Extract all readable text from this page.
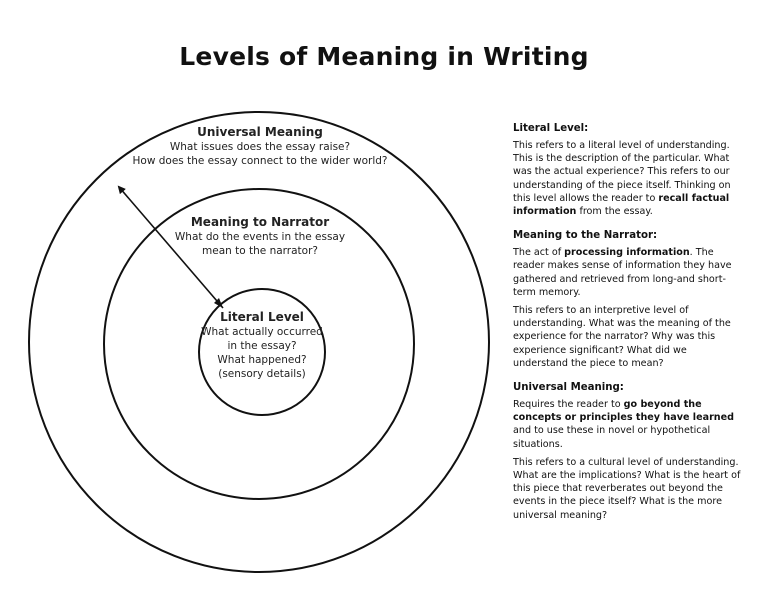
Levels of Meaning in Writing
Universal Meaning
What issues does the essay raise?
How does the essay connect to the wider world?
Meaning to Narrator
What do the events in the essay
mean to the narrator?
Literal Level
What actually occurred
in the essay?
What happened?
(sensory details)
Literal Level:

This refers to a literal level of understanding. This is the description of the particular. What was the actual experience? This refers to our understanding of the piece itself. Thinking on this level allows the reader to recall factual information from the essay.

Meaning to the Narrator:

The act of processing information. The reader makes sense of information they have gathered and retrieved from long-and short-term memory.

This refers to an interpretive level of understanding. What was the meaning of the experience for the narrator? Why was this experience significant? What did we understand the piece to mean?

Universal Meaning:

Requires the reader to go beyond the concepts or principles they have learned and to use these in novel or hypothetical situations.

This refers to a cultural level of understanding. What are the implications? What is the heart of this piece that reverberates out beyond the events in the piece itself? What is the more universal meaning?
